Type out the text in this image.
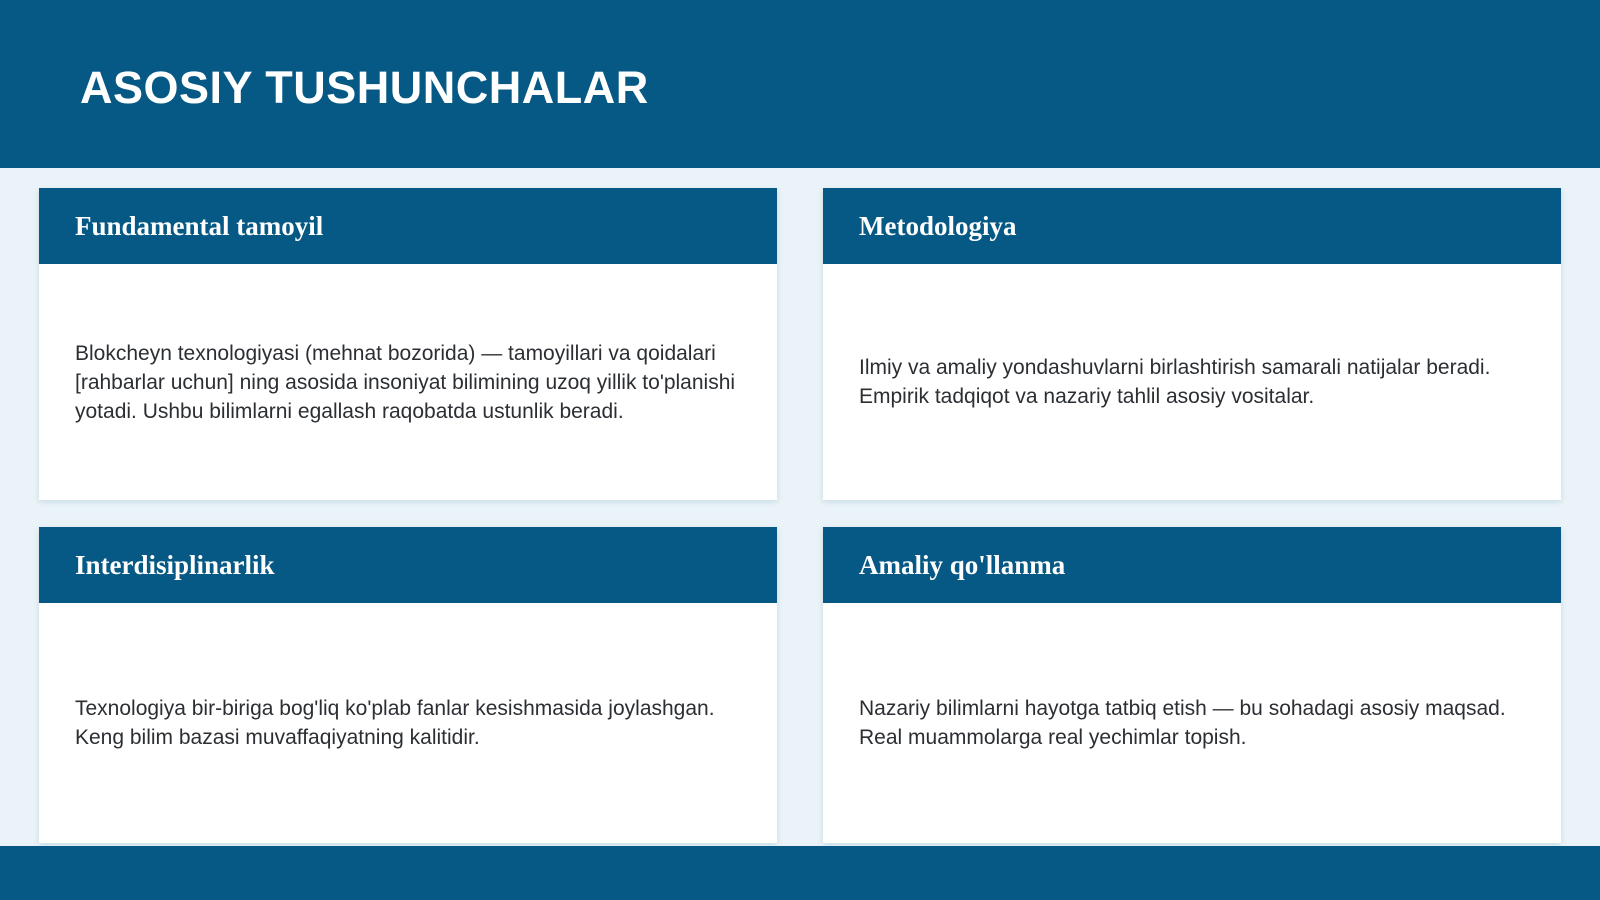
ASOSIY TUSHUNCHALAR
Fundamental tamoyil

Blokcheyn texnologiyasi (mehnat bozorida) — tamoyillari va qoidalari [rahbarlar uchun] ning asosida insoniyat bilimining uzoq yillik to'planishi yotadi. Ushbu bilimlarni egallash raqobatda ustunlik beradi.

Metodologiya

Ilmiy va amaliy yondashuvlarni birlashtirish samarali natijalar beradi. Empirik tadqiqot va nazariy tahlil asosiy vositalar.

Interdisiplinarlik

Texnologiya bir-biriga bog'liq ko'plab fanlar kesishmasida joylashgan. Keng bilim bazasi muvaffaqiyatning kalitidir.

Amaliy qo'llanma

Nazariy bilimlarni hayotga tatbiq etish — bu sohadagi asosiy maqsad. Real muammolarga real yechimlar topish.
